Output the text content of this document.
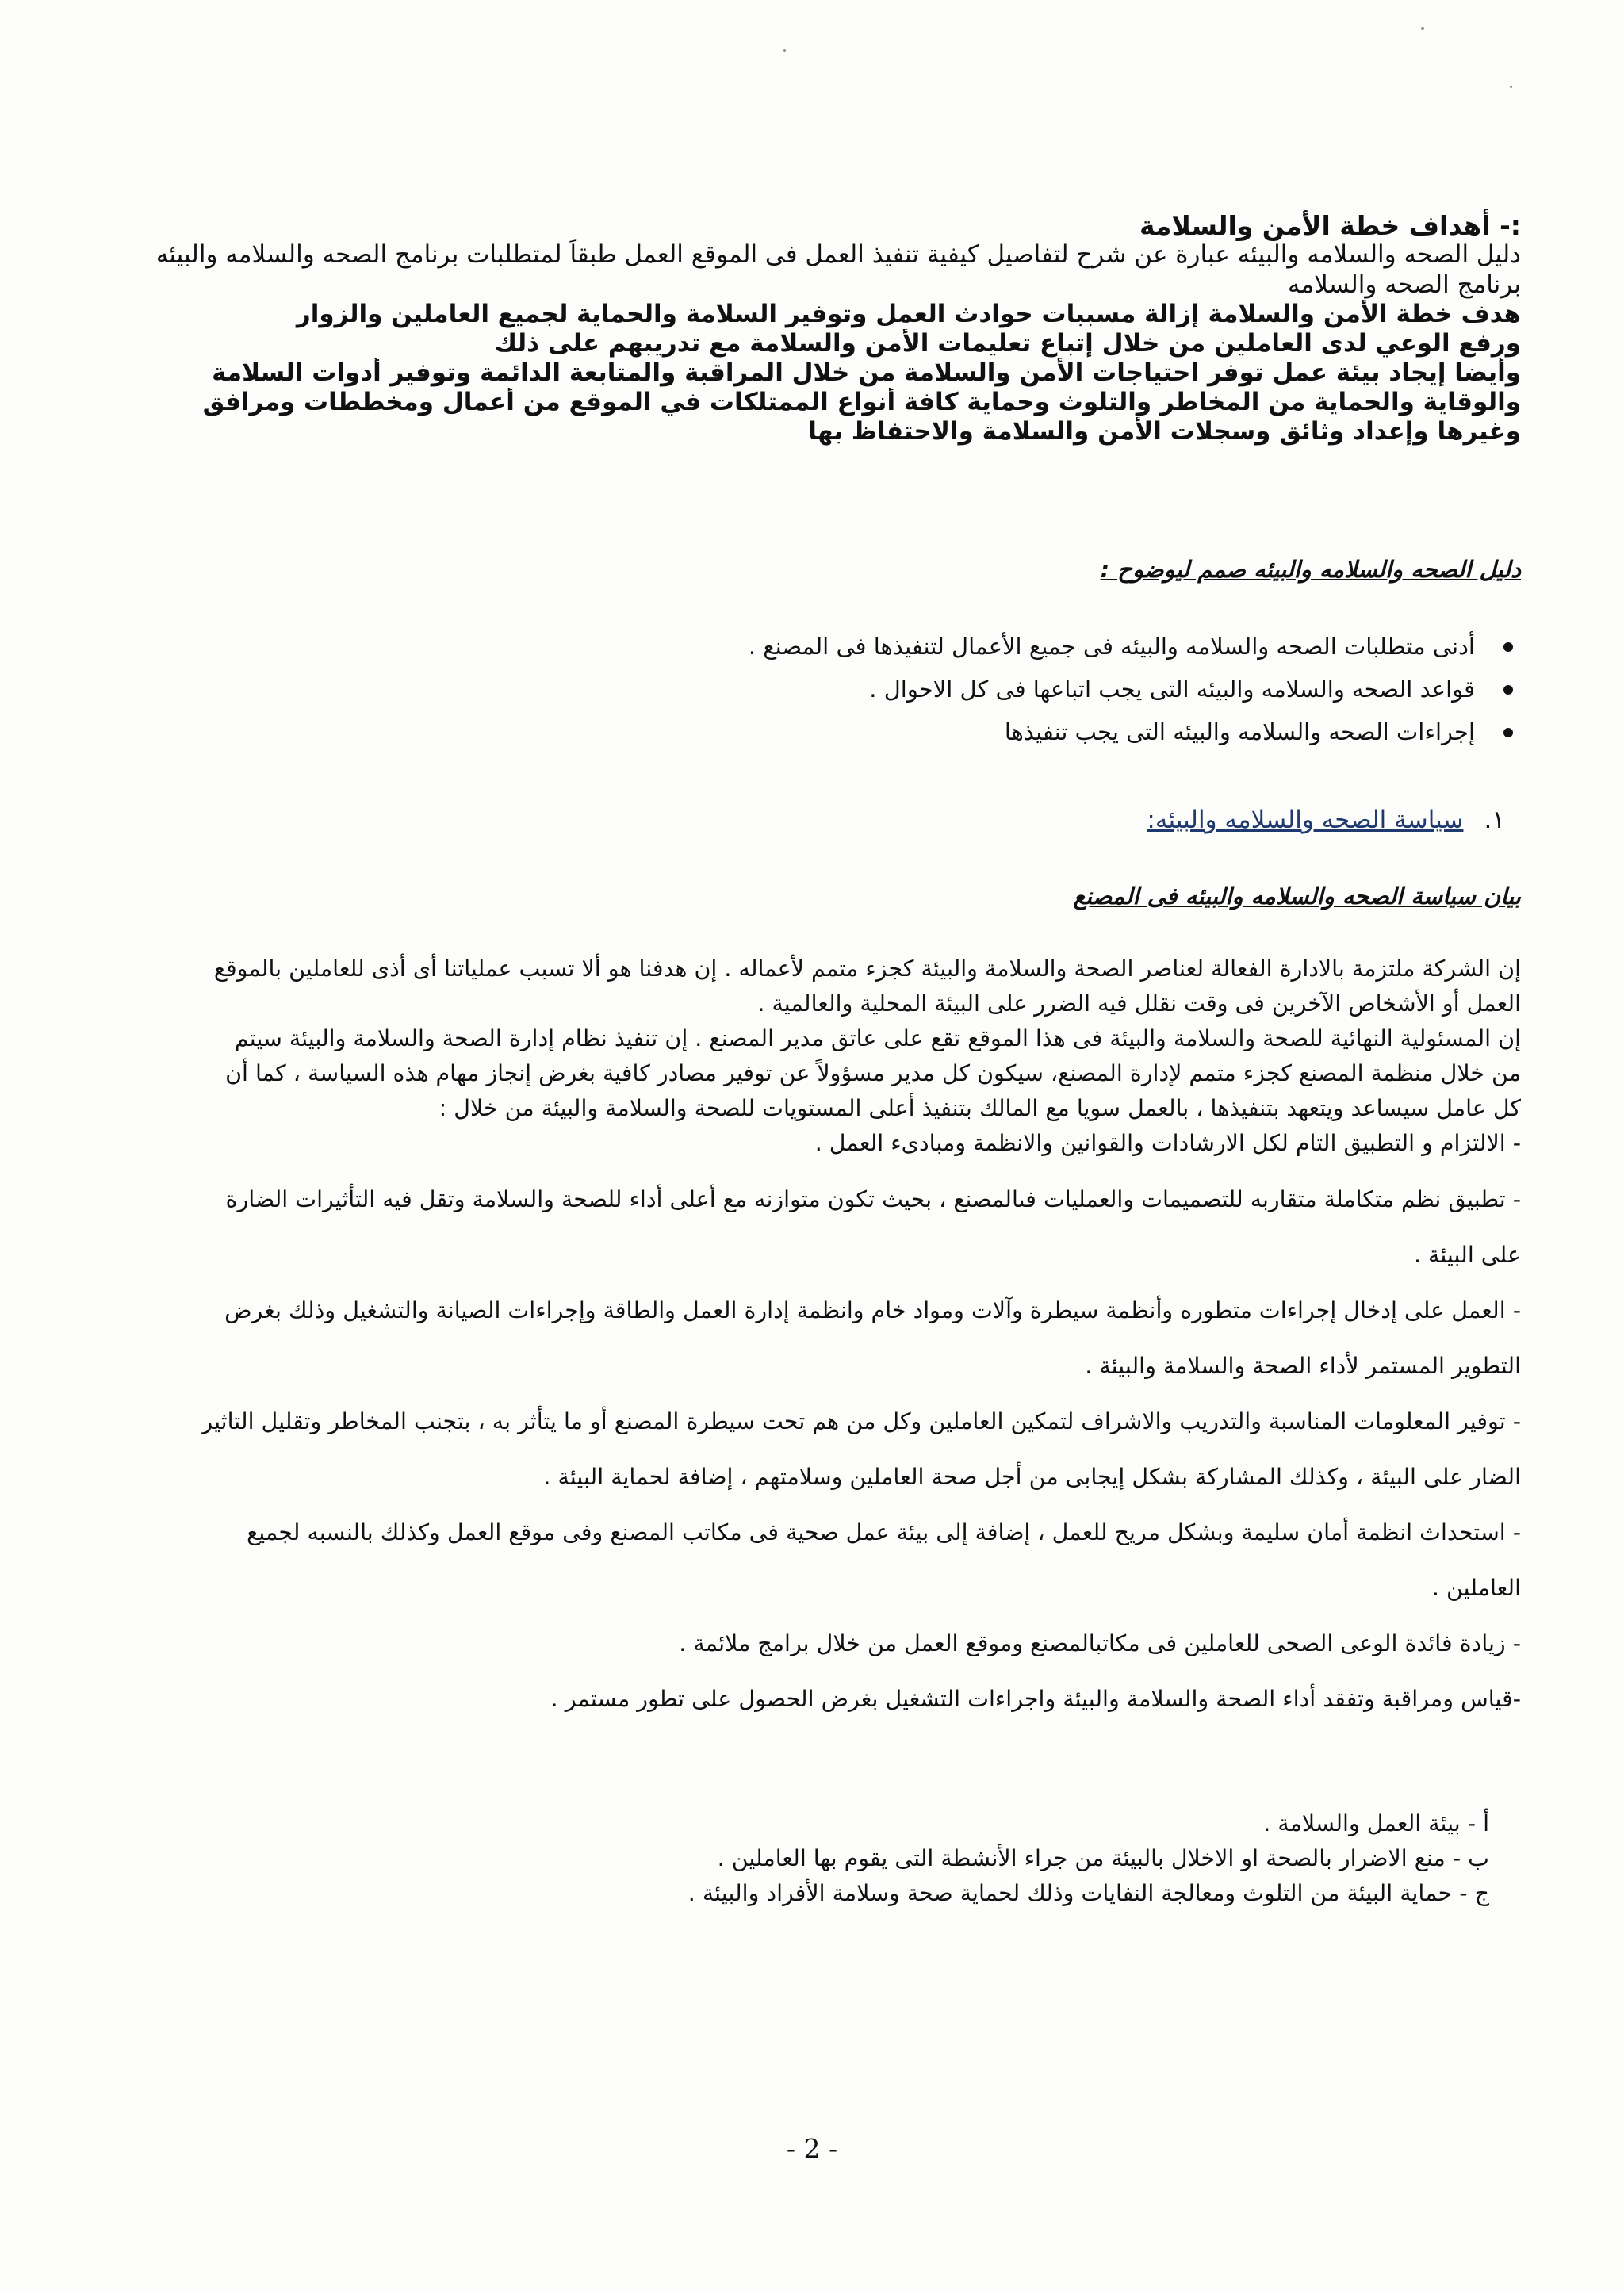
:- أهداف خطة الأمن والسلامة
دليل الصحه والسلامه والبيئه عبارة عن شرح لتفاصيل كيفية تنفيذ العمل فى الموقع العمل طبقاً لمتطلبات برنامج الصحه والسلامه والبيئه
برنامج الصحه والسلامه
هدف خطة الأمن والسلامة إزالة مسببات حوادث العمل وتوفير السلامة والحماية لجميع العاملين والزوار
ورفع الوعي لدى العاملين من خلال إتباع تعليمات الأمن والسلامة مع تدريبهم على ذلك
وأيضا إيجاد بيئة عمل توفر احتياجات الأمن والسلامة من خلال المراقبة والمتابعة الدائمة وتوفير أدوات السلامة
والوقاية والحماية من المخاطر والتلوث وحماية كافة أنواع الممتلكات في الموقع من أعمال ومخططات ومرافق
وغيرها وإعداد وثائق وسجلات الأمن والسلامة والاحتفاظ بها
دليل الصحه والسلامه والبيئه صمم ليوضوح :
أدنى متطلبات الصحه والسلامه والبيئه فى جميع الأعمال لتنفيذها فى المصنع .
قواعد الصحه والسلامه والبيئه التى يجب اتباعها فى كل الاحوال .
إجراءات الصحه والسلامه والبيئه التى يجب تنفيذها
١.سياسة الصحه والسلامه والبيئه:
بيان سياسة الصحه والسلامه والبيئه فى المصنع
إن الشركة ملتزمة بالادارة الفعالة لعناصر الصحة والسلامة والبيئة كجزء متمم لأعماله . إن هدفنا هو ألا تسبب عملياتنا أى أذى للعاملين بالموقع
العمل أو الأشخاص الآخرين فى وقت نقلل فيه الضرر على البيئة المحلية والعالمية .
إن المسئولية النهائية للصحة والسلامة والبيئة فى هذا الموقع تقع على عاتق مدير المصنع . إن تنفيذ نظام إدارة الصحة والسلامة والبيئة سيتم
من خلال منظمة المصنع كجزء متمم لإدارة المصنع، سيكون كل مدير مسؤولاً عن توفير مصادر كافية بغرض إنجاز مهام هذه السياسة ، كما أن
كل عامل سيساعد ويتعهد بتنفيذها ، بالعمل سويا مع المالك بتنفيذ أعلى المستويات للصحة والسلامة والبيئة من خلال :
- الالتزام و التطبيق التام لكل الارشادات والقوانين والانظمة ومبادىء العمل .
- تطبيق نظم متكاملة متقاربه للتصميمات والعمليات فىالمصنع ، بحيث تكون متوازنه مع أعلى أداء للصحة والسلامة وتقل فيه التأثيرات الضارة
على البيئة .
- العمل على إدخال إجراءات متطوره وأنظمة سيطرة وآلات ومواد خام وانظمة إدارة العمل والطاقة وإجراءات الصيانة والتشغيل وذلك بغرض
التطوير المستمر لأداء الصحة والسلامة والبيئة .
- توفير المعلومات المناسبة والتدريب والاشراف لتمكين العاملين وكل من هم تحت سيطرة المصنع أو ما يتأثر به ، بتجنب المخاطر وتقليل التاثير
الضار على البيئة ، وكذلك المشاركة بشكل إيجابى من أجل صحة العاملين وسلامتهم ، إضافة لحماية البيئة .
- استحداث انظمة أمان سليمة وبشكل مريح للعمل ، إضافة إلى بيئة عمل صحية فى مكاتب المصنع وفى موقع العمل وكذلك بالنسبه لجميع
العاملين .
- زيادة فائدة الوعى الصحى للعاملين فى مكاتبالمصنع وموقع العمل من خلال برامج ملائمة .
-قياس ومراقبة وتفقد أداء الصحة والسلامة والبيئة واجراءات التشغيل بغرض الحصول على تطور مستمر .
أ - بيئة العمل والسلامة .
ب - منع الاضرار بالصحة او الاخلال بالبيئة من جراء الأنشطة التى يقوم بها العاملين .
ج - حماية البيئة من التلوث ومعالجة النفايات وذلك لحماية صحة وسلامة الأفراد والبيئة .
- 2 -
